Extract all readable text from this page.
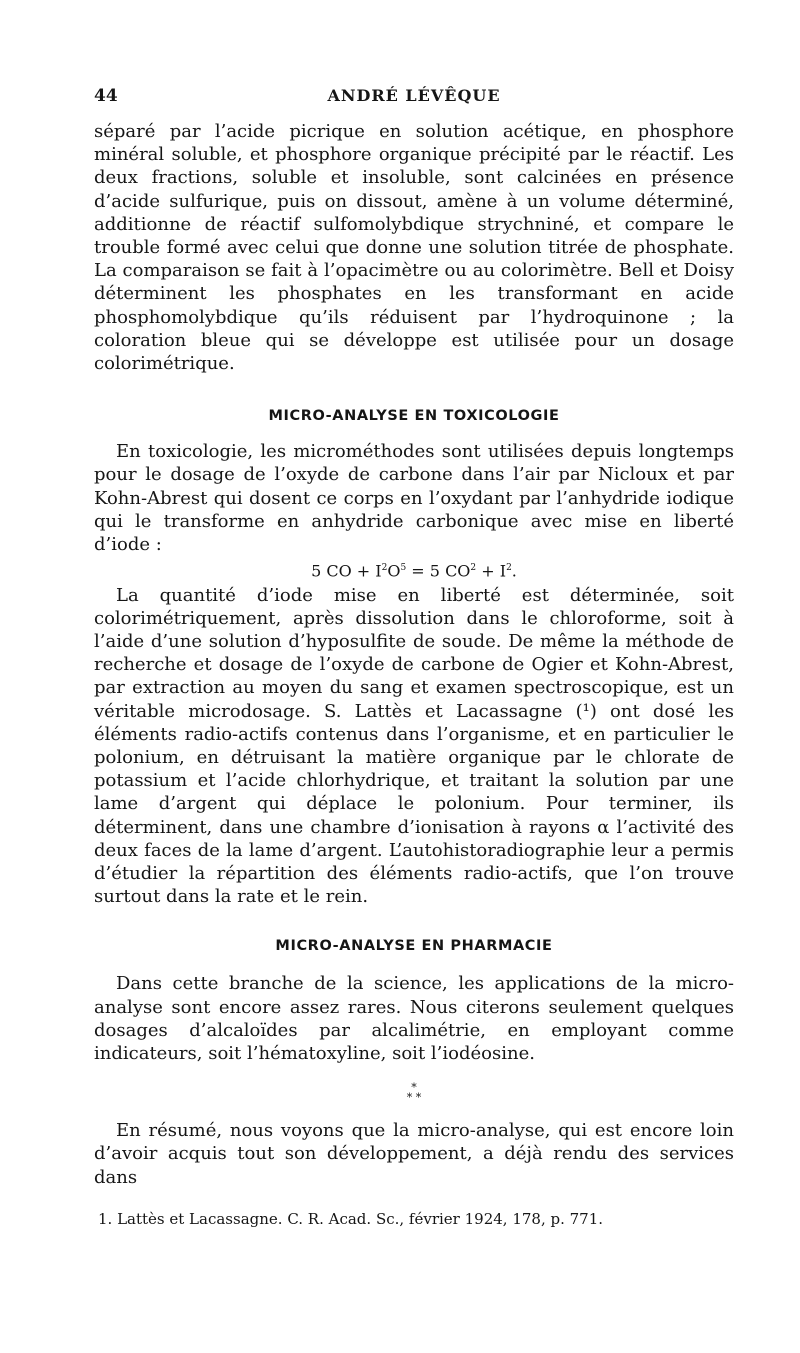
44	ANDRÉ LÉVÊQUE

séparé par l’acide picrique en solution acétique, en phosphore minéral soluble, et phosphore organique précipité par le réactif. Les deux fractions, soluble et insoluble, sont calcinées en présence d’acide sulfurique, puis on dissout, amène à un volume déterminé, additionne de réactif sulfomolybdique strychniné, et compare le trouble formé avec celui que donne une solution titrée de phosphate. La comparaison se fait à l’opacimètre ou au colorimètre. Bell et Doisy déterminent les phosphates en les transformant en acide phosphomolybdique qu’ils réduisent par l’hydroquinone ; la coloration bleue qui se développe est utilisée pour un dosage colorimétrique.

MICRO-ANALYSE EN TOXICOLOGIE

En toxicologie, les microméthodes sont utilisées depuis longtemps pour le dosage de l’oxyde de carbone dans l’air par Nicloux et par Kohn-Abrest qui dosent ce corps en l’oxydant par l’anhydride iodique qui le transforme en anhydride carbonique avec mise en liberté d’iode :

5 CO + $I^2O^5 = 5$ $CO^2 + I^2$.

La quantité d’iode mise en liberté est déterminée, soit colorimétriquement, après dissolution dans le chloroforme, soit à l’aide d’une solution d’hyposulfite de soude. De même la méthode de recherche et dosage de l’oxyde de carbone de Ogier et Kohn-Abrest, par extraction au moyen du sang et examen spectroscopique, est un véritable microdosage. S. Lattès et Lacassagne (¹) ont dosé les éléments radio-actifs contenus dans l’organisme, et en particulier le polonium, en détruisant la matière organique par le chlorate de potassium et l’acide chlorhydrique, et traitant la solution par une lame d’argent qui déplace le polonium. Pour terminer, ils déterminent, dans une chambre d’ionisation à rayons α l’activité des deux faces de la lame d’argent. L’autohistoradiographie leur a permis d’étudier la répartition des éléments radio-actifs, que l’on trouve surtout dans la rate et le rein.

MICRO-ANALYSE EN PHARMACIE

Dans cette branche de la science, les applications de la micro-analyse sont encore assez rares. Nous citerons seulement quelques dosages d’alcaloïdes par alcalimétrie, en employant comme indicateurs, soit l’hématoxyline, soit l’iodéosine.

*
* *

En résumé, nous voyons que la micro-analyse, qui est encore loin d’avoir acquis tout son développement, a déjà rendu des services dans

1. Lattès et Lacassagne. C. R. Acad. Sc., février 1924, 178, p. 771.
